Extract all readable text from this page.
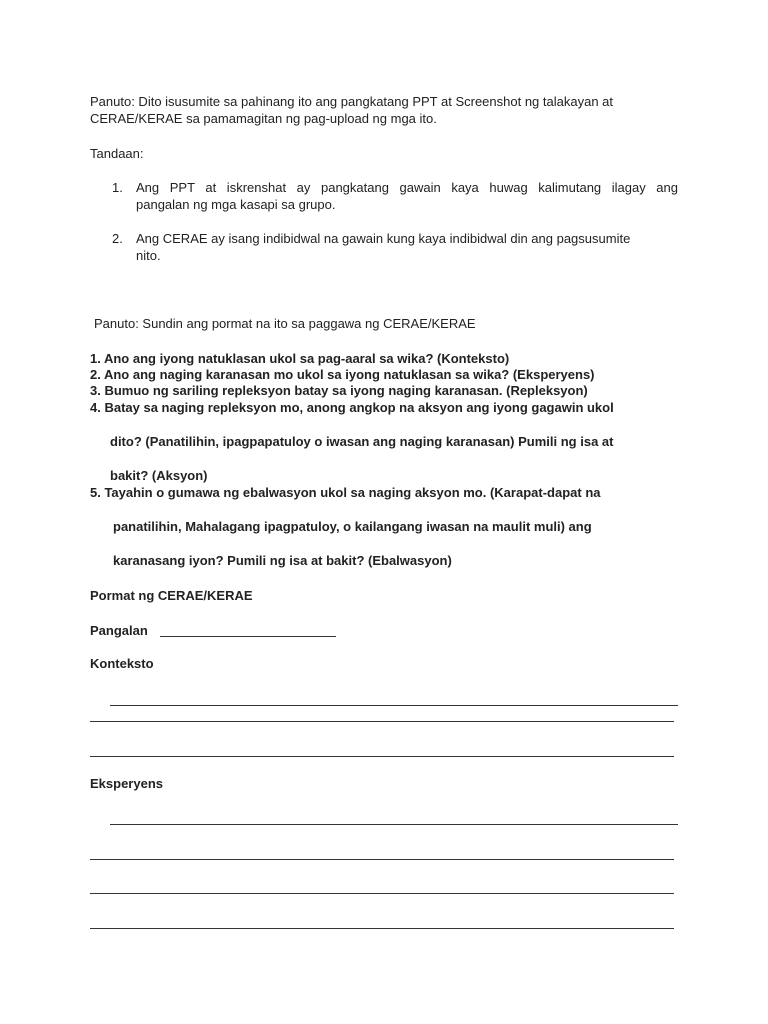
Panuto: Dito isusumite sa pahinang ito ang pangkatang PPT at Screenshot ng talakayan at
CERAE/KERAE sa pamamagitan ng pag-upload ng mga ito.
Tandaan:
1. Ang PPT at iskrenshat ay pangkatang gawain kaya huwag kalimutang ilagay ang
pangalan ng mga kasapi sa grupo.
2. Ang CERAE ay isang indibidwal na gawain kung kaya indibidwal din ang pagsusumite
nito.
Panuto: Sundin ang pormat na ito sa paggawa ng CERAE/KERAE
1. Ano ang iyong natuklasan ukol sa pag-aaral sa wika? (Konteksto)
2. Ano ang naging karanasan mo ukol sa iyong natuklasan sa wika? (Eksperyens)
3. Bumuo ng sariling repleksyon batay sa iyong naging karanasan. (Repleksyon)
4. Batay sa naging repleksyon mo, anong angkop na aksyon ang iyong gagawin ukol
dito? (Panatilihin, ipagpapatuloy o iwasan ang naging karanasan) Pumili ng isa at
bakit? (Aksyon)
5. Tayahin o gumawa ng ebalwasyon ukol sa naging aksyon mo. (Karapat-dapat na
panatilihin, Mahalagang ipagpatuloy, o kailangang iwasan na maulit muli) ang
karanasang iyon? Pumili ng isa at bakit? (Ebalwasyon)
Pormat ng CERAE/KERAE
Pangalan
Konteksto
Eksperyens
